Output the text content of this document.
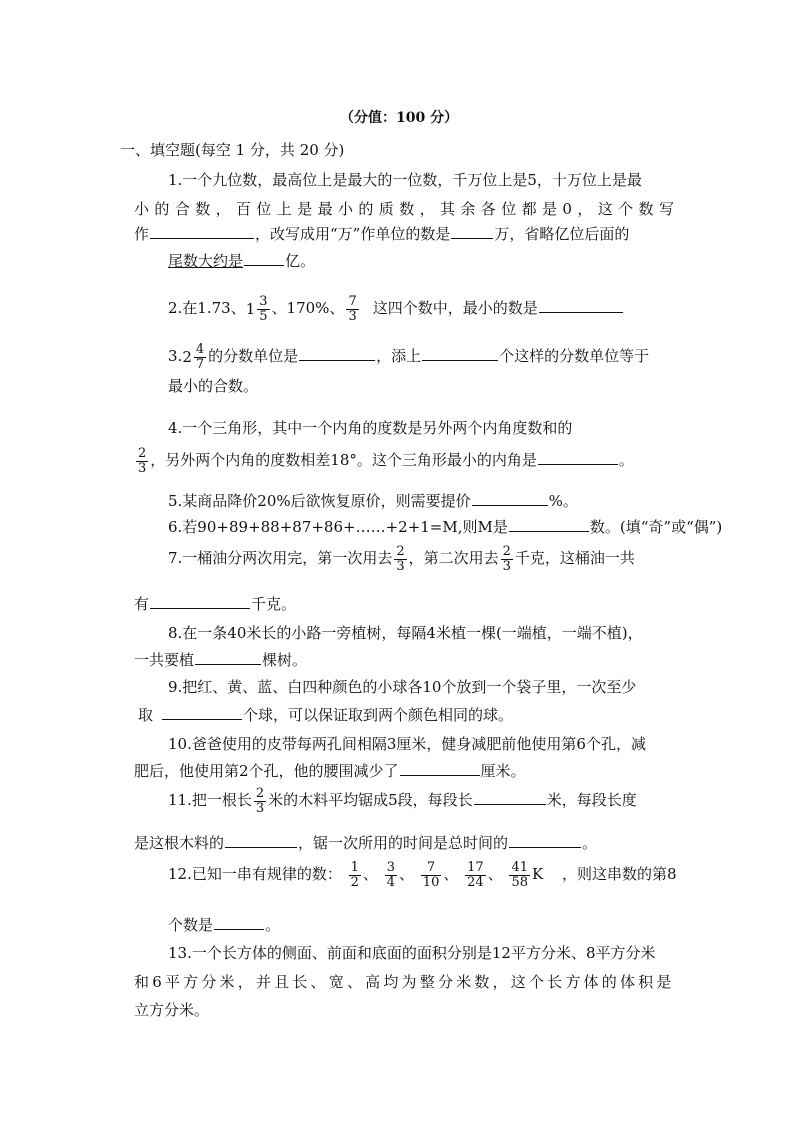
（分值：100 分）
一、填空题(每空 1 分，共 20 分)
1.一个九位数，最高位上是最大的一位数，千万位上是5，十万位上是最
小的合数，百位上是最小的质数，其余各位都是0，这个数写
作	，改写成用“万”作单位的数是	万，省略亿位后面的
尾数大约是	亿。
2.在1.73、 $1 \frac{3}{5}$ 、170%、 $\frac{7}{3}$ 这四个数中，最小的数是
3. $2 \frac{4}{7}$ 的分数单位是	，添上	个这样的分数单位等于
最小的合数。
4.一个三角形，其中一个内角的度数是另外两个内角度数和的
$\frac{2}{3}$ ，另外两个内角的度数相差18°。这个三角形最小的内角是	。
5.某商品降价20%后欲恢复原价，则需要提价	%。
6.若90+89+88+87+86+……+2+1=M,则M是	数。(填“奇”或“偶”)
7.一桶油分两次用完，第一次用去 $\frac{2}{3}$ ，第二次用去 $\frac{2}{3}$ 千克，这桶油一共
有	千克。
8.在一条40米长的小路一旁植树，每隔4米植一棵(一端植，一端不植)，
一共要植	棵树。
9.把红、黄、蓝、白四种颜色的小球各10个放到一个袋子里，一次至少
取	个球，可以保证取到两个颜色相同的球。
10.爸爸使用的皮带每两孔间相隔3厘米，健身减肥前他使用第6个孔，减
肥后，他使用第2个孔，他的腰围减少了	厘米。
11.把一根长 $\frac{2}{3}$ 米的木料平均锯成5段，每段长	米，每段长度
是这根木料的	，锯一次所用的时间是总时间的	。
12.已知一串有规律的数： $\frac{1}{2}$ 、 $\frac{3}{4}$ 、 $\frac{7}{10}$ 、 $\frac{17}{24}$ 、 $\frac{41}{58}$ K ，则这串数的第8
个数是	。
13.一个长方体的侧面、前面和底面的面积分别是12平方分米、8平方分米
和6平方分米，并且长、宽、高均为整分米数，这个长方体的体积是
立方分米。
